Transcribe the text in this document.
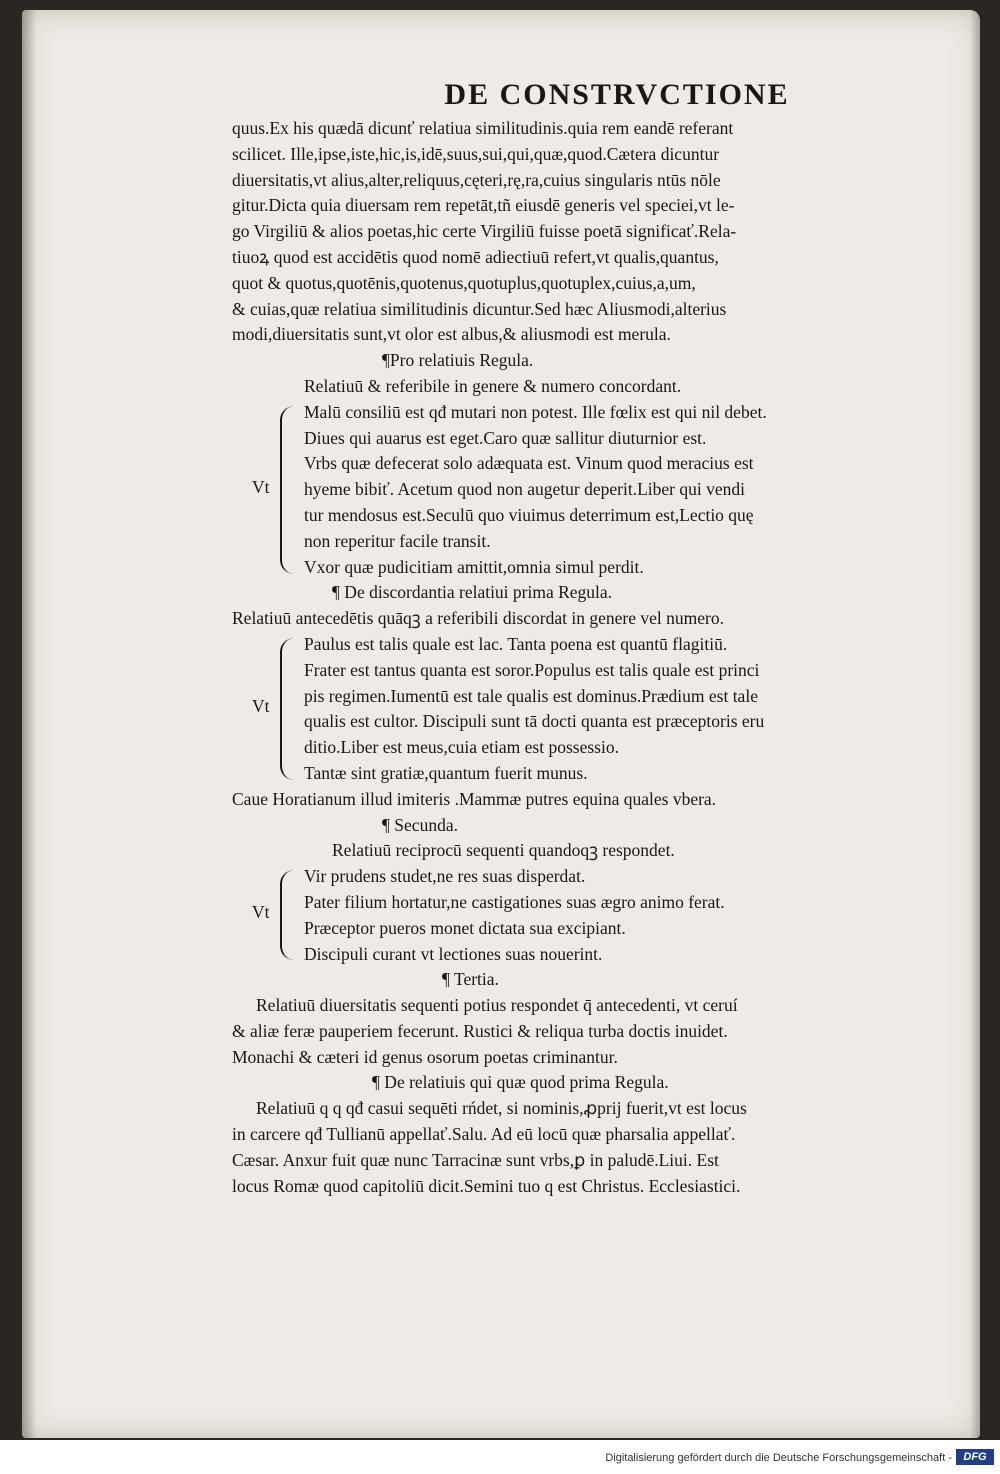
DE CONSTRVCTIONE
quus.Ex his quædā dicunť relatiua similitudinis.quia rem eandē referant
scilicet. Ille,ipse,iste,hic,is,idē,suus,sui,qui,quæ,quod.Cætera dicuntur
diuersitatis,vt alius,alter,reliquus,cęteri,rę,ra,cuius singularis ntūs nōle
gitur.Dicta quia diuersam rem repetāt,tñ eiusdē generis vel speciei,vt le-
go Virgiliū & alios poetas,hic certe Virgiliū fuisse poetā significať.Rela-
tiuoꝝ quod est accidētis quod nomē adiectiuū refert,vt qualis,quantus,
quot & quotus,quotēnis,quotenus,quotuplus,quotuplex,cuius,a,um,
& cuias,quæ relatiua similitudinis dicuntur.Sed hæc Aliusmodi,alterius
modi,diuersitatis sunt,vt olor est albus,& aliusmodi est merula.
¶Pro relatiuis Regula.
Relatiuū & referibile in genere & numero concordant.
Vt
Malū consiliū est qđ mutari non potest. Ille fœlix est qui nil debet.
Diues qui auarus est eget.Caro quæ sallitur diuturnior est.
Vrbs quæ defecerat solo adæquata est. Vinum quod meracius est
hyeme bibiť. Acetum quod non augetur deperit.Liber qui vendi
tur mendosus est.Seculū quo viuimus deterrimum est,Lectio quę
non reperitur facile transit.
Vxor quæ pudicitiam amittit,omnia simul perdit.
¶ De discordantia relatiui prima Regula.
Relatiuū antecedētis quāqꝫ a referibili discordat in genere vel numero.
Vt
Paulus est talis quale est lac. Tanta poena est quantū flagitiū.
Frater est tantus quanta est soror.Populus est talis quale est princi
pis regimen.Iumentū est tale qualis est dominus.Prædium est tale
qualis est cultor. Discipuli sunt tā docti quanta est præceptoris eru
ditio.Liber est meus,cuia etiam est possessio.
Tantæ sint gratiæ,quantum fuerit munus.
Caue Horatianum illud imiteris .Mammæ putres equina quales vbera.
¶ Secunda.
Relatiuū reciprocū sequenti quandoqꝫ respondet.
Vt
Vir prudens studet,ne res suas disperdat.
Pater filium hortatur,ne castigationes suas ægro animo ferat.
Præceptor pueros monet dictata sua excipiant.
Discipuli curant vt lectiones suas nouerint.
¶ Tertia.
Relatiuū diuersitatis sequenti potius respondet q̄ antecedenti, vt ceruí
& aliæ feræ pauperiem fecerunt. Rustici & reliqua turba doctis inuidet.
Monachi & cæteri id genus osorum poetas criminantur.
¶ De relatiuis qui quæ quod prima Regula.
Relatiuū q q qđ casui sequēti rńdet, si nominis,ꝓprij fuerit,vt est locus
in carcere qđ Tullianū appellať.Salu. Ad eū locū quæ pharsalia appellať.
Cæsar. Anxur fuit quæ nunc Tarracinæ sunt vrbs,ꝑ in paludē.Liui. Est
locus Romæ quod capitoliū dicit.Semini tuo q est Christus. Ecclesiastici.
Digitalisierung gefördert durch die Deutsche Forschungsgemeinschaft -	DFG
